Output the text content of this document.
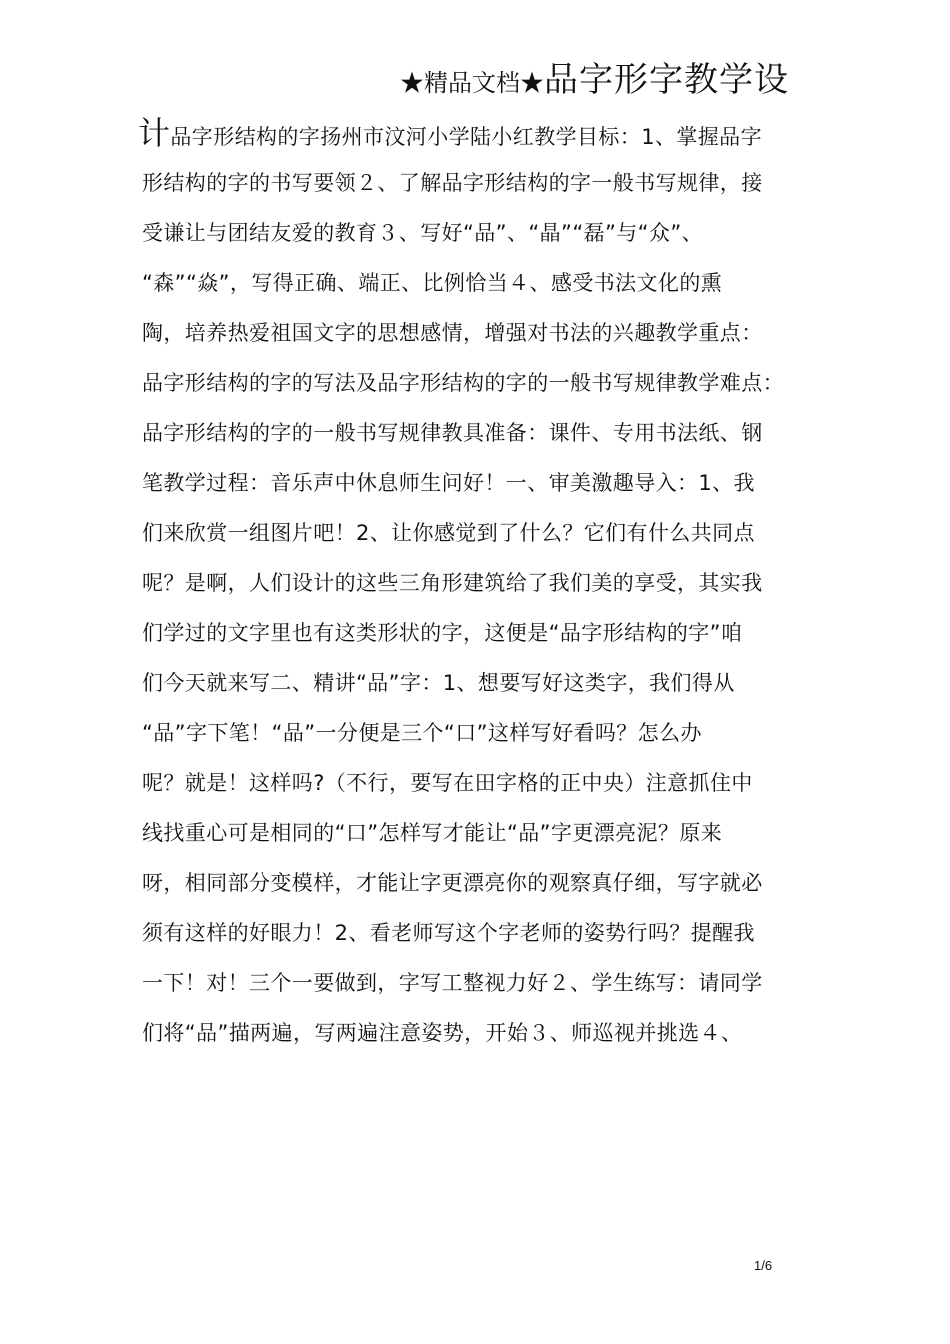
★精品文档★ 品字形字教学设
计品字形结构的字扬州市汶河小学陆小红教学目标：1、掌握品字
形结构的字的书写要领２、了解品字形结构的字一般书写规律，接
受谦让与团结友爱的教育３、写好“品”、“晶”“磊”与“众”、
“森”“焱”，写得正确、端正、比例恰当４、感受书法文化的熏
陶，培养热爱祖国文字的思想感情，增强对书法的兴趣教学重点：
品字形结构的字的写法及品字形结构的字的一般书写规律教学难点：
品字形结构的字的一般书写规律教具准备：课件、专用书法纸、钢
笔教学过程：音乐声中休息师生问好！一、审美激趣导入：1、我
们来欣赏一组图片吧！2、让你感觉到了什么？它们有什么共同点
呢？是啊，人们设计的这些三角形建筑给了我们美的享受，其实我
们学过的文字里也有这类形状的字，这便是“品字形结构的字”咱
们今天就来写二、精讲“品”字：1、想要写好这类字，我们得从
“品”字下笔！“品”一分便是三个“口”这样写好看吗？怎么办
呢？就是！这样吗?（不行，要写在田字格的正中央）注意抓住中
线找重心可是相同的“口”怎样写才能让“品”字更漂亮泥？原来
呀，相同部分变模样，才能让字更漂亮你的观察真仔细，写字就必
须有这样的好眼力！2、看老师写这个字老师的姿势行吗？提醒我
一下！对！三个一要做到，字写工整视力好２、学生练写：请同学
们将“品”描两遍，写两遍注意姿势，开始３、师巡视并挑选４、
1/6
